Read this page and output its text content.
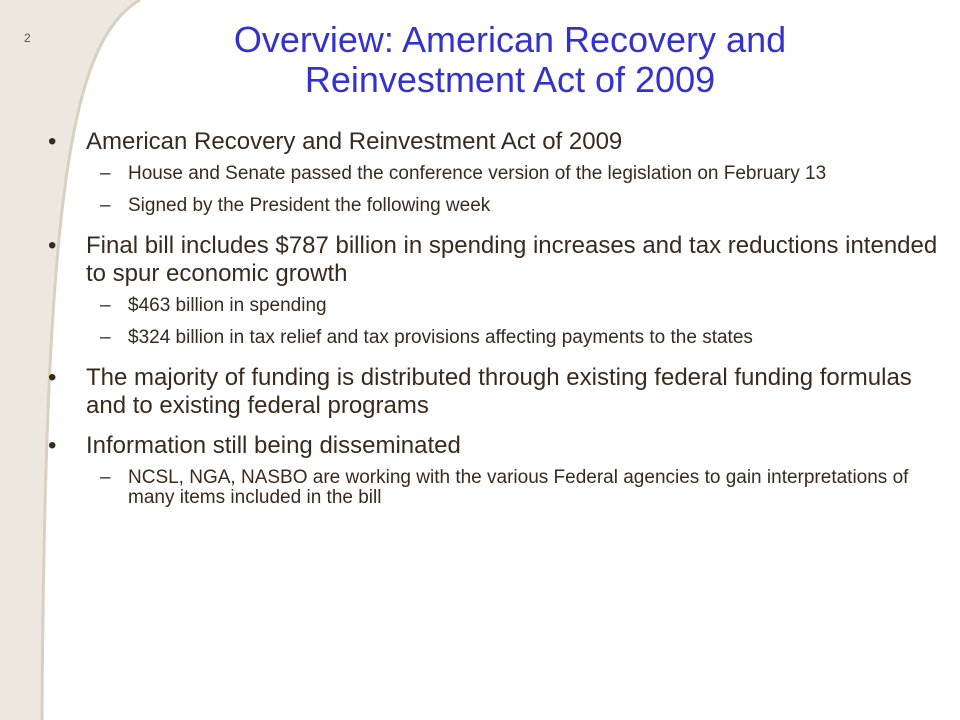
2	Overview: American Recovery and
Reinvestment Act of 2009
• American Recovery and Reinvestment Act of 2009
– House and Senate passed the conference version of the legislation on February 13
– Signed by the President the following week
• Final bill includes $787 billion in spending increases and tax reductions intended to spur economic growth
– $463 billion in spending
– $324 billion in tax relief and tax provisions affecting payments to the states
• The majority of funding is distributed through existing federal funding formulas and to existing federal programs
• Information still being disseminated
– NCSL, NGA, NASBO are working with the various Federal agencies to gain interpretations of many items included in the bill
